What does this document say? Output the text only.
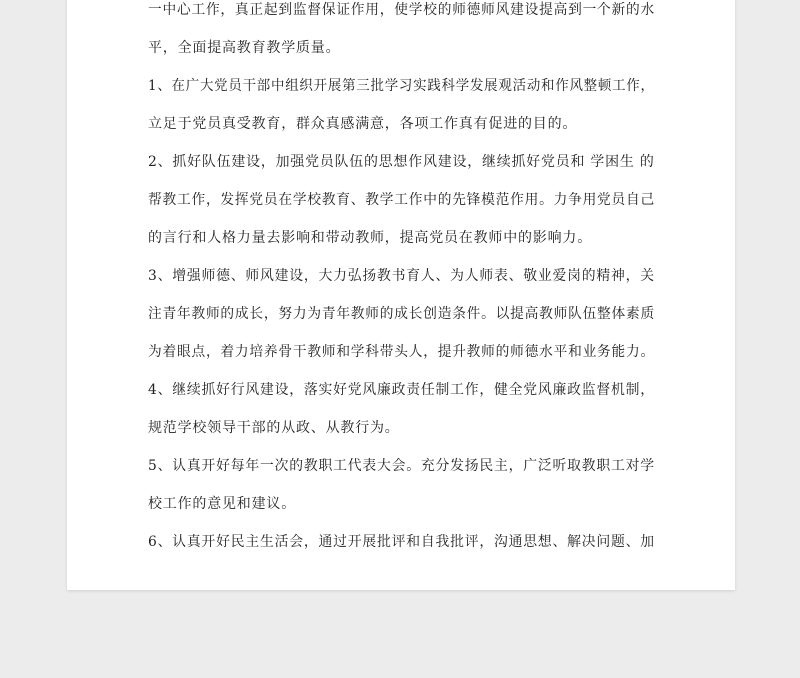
一中心工作，真正起到监督保证作用，使学校的师德师风建设提高到一个新的水
平，全面提高教育教学质量。
1、在广大党员干部中组织开展第三批学习实践科学发展观活动和作风整顿工作，
立足于党员真受教育，群众真感满意，各项工作真有促进的目的。
2、抓好队伍建设，加强党员队伍的思想作风建设，继续抓好党员和 学困生 的
帮教工作，发挥党员在学校教育、教学工作中的先锋模范作用。力争用党员自己
的言行和人格力量去影响和带动教师，提高党员在教师中的影响力。
3、增强师德、师风建设，大力弘扬教书育人、为人师表、敬业爱岗的精神，关
注青年教师的成长，努力为青年教师的成长创造条件。以提高教师队伍整体素质
为着眼点，着力培养骨干教师和学科带头人，提升教师的师德水平和业务能力。
4、继续抓好行风建设，落实好党风廉政责任制工作，健全党风廉政监督机制，
规范学校领导干部的从政、从教行为。
5、认真开好每年一次的教职工代表大会。充分发扬民主，广泛听取教职工对学
校工作的意见和建议。
6、认真开好民主生活会，通过开展批评和自我批评，沟通思想、解决问题、加
